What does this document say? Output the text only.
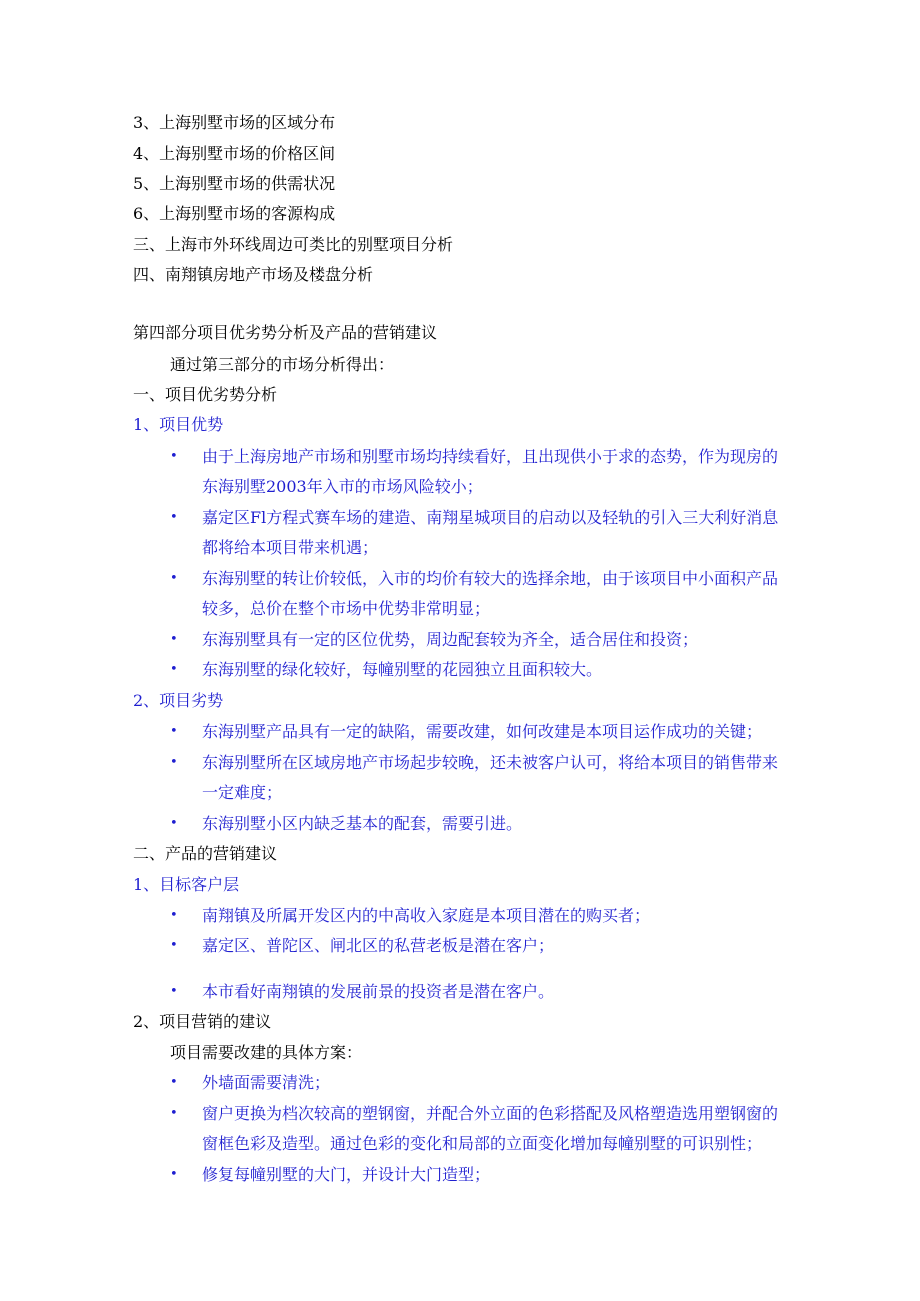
3、上海别墅市场的区域分布
4、上海别墅市场的价格区间
5、上海别墅市场的供需状况
6、上海别墅市场的客源构成
三、上海市外环线周边可类比的别墅项目分析
四、南翔镇房地产市场及楼盘分析
第四部分项目优劣势分析及产品的营销建议
通过第三部分的市场分析得出：
一、项目优劣势分析
1、项目优势
• 由于上海房地产市场和别墅市场均持续看好，且出现供小于求的态势，作为现房的
东海别墅2003年入市的市场风险较小；
• 嘉定区Fl方程式赛车场的建造、南翔星城项目的启动以及轻轨的引入三大利好消息
都将给本项目带来机遇；
• 东海别墅的转让价较低，入市的均价有较大的选择余地，由于该项目中小面积产品
较多，总价在整个市场中优势非常明显；
• 东海别墅具有一定的区位优势，周边配套较为齐全，适合居住和投资；
• 东海别墅的绿化较好，每幢别墅的花园独立且面积较大。
2、项目劣势
• 东海别墅产品具有一定的缺陷，需要改建，如何改建是本项目运作成功的关键；
• 东海别墅所在区域房地产市场起步较晚，还未被客户认可，将给本项目的销售带来
一定难度；
• 东海别墅小区内缺乏基本的配套，需要引进。
二、产品的营销建议
1、目标客户层
• 南翔镇及所属开发区内的中高收入家庭是本项目潜在的购买者；
• 嘉定区、普陀区、闸北区的私营老板是潜在客户；
• 本市看好南翔镇的发展前景的投资者是潜在客户。
2、项目营销的建议
项目需要改建的具体方案：
• 外墙面需要清洗；
• 窗户更换为档次较高的塑钢窗，并配合外立面的色彩搭配及风格塑造选用塑钢窗的
窗框色彩及造型。通过色彩的变化和局部的立面变化增加每幢别墅的可识别性；
• 修复每幢别墅的大门，并设计大门造型；
